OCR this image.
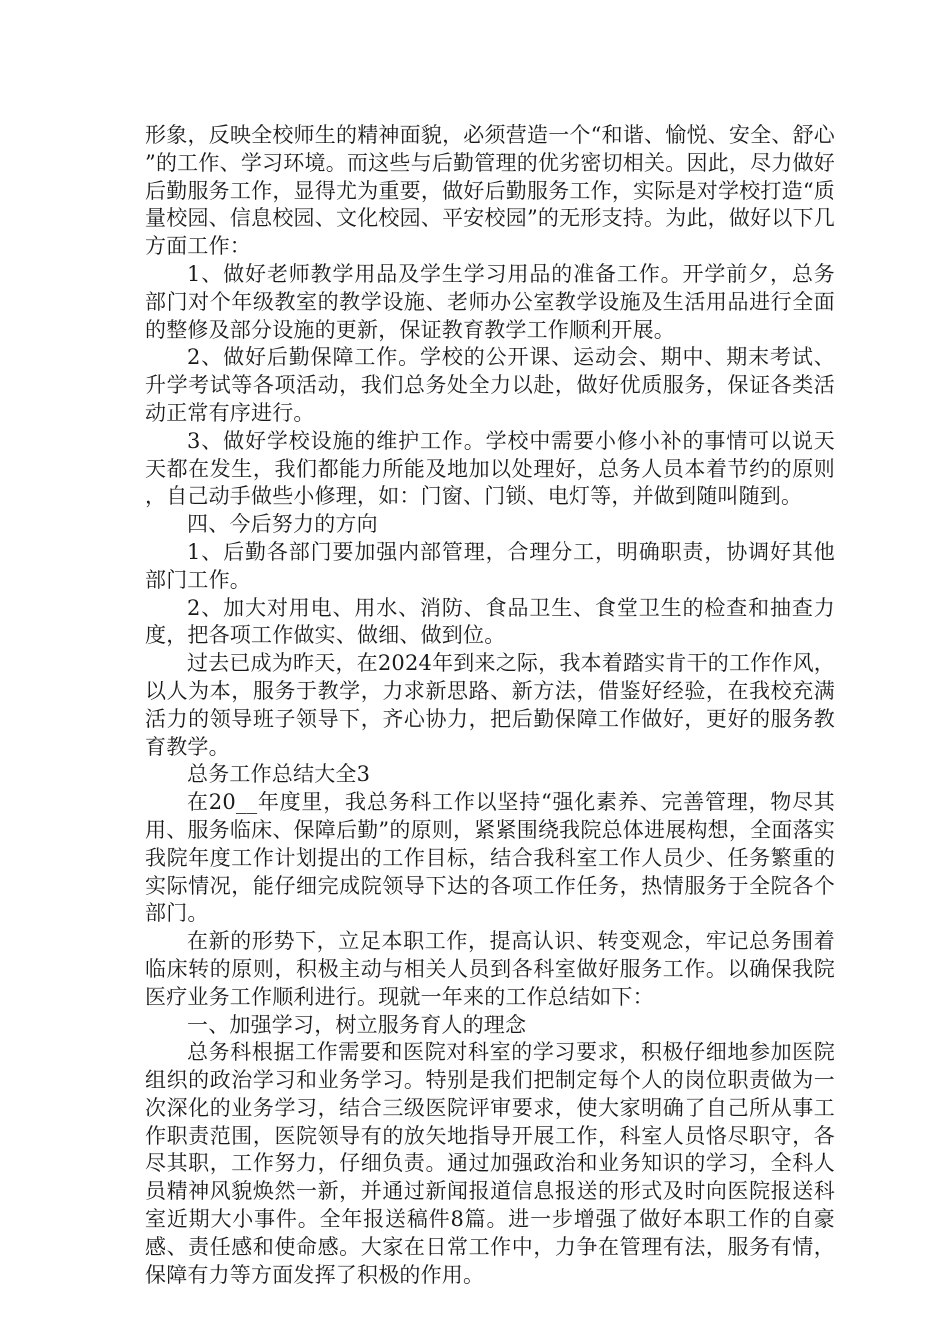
形象，反映全校师生的精神面貌，必须营造一个“和谐、愉悦、安全、舒心”的工作、学习环境。而这些与后勤管理的优劣密切相关。因此，尽力做好后勤服务工作，显得尤为重要，做好后勤服务工作，实际是对学校打造“质量校园、信息校园、文化校园、平安校园”的无形支持。为此，做好以下几方面工作：

1、做好老师教学用品及学生学习用品的准备工作。开学前夕，总务部门对个年级教室的教学设施、老师办公室教学设施及生活用品进行全面的整修及部分设施的更新，保证教育教学工作顺利开展。

2、做好后勤保障工作。学校的公开课、运动会、期中、期末考试、升学考试等各项活动，我们总务处全力以赴，做好优质服务，保证各类活动正常有序进行。

3、做好学校设施的维护工作。学校中需要小修小补的事情可以说天天都在发生，我们都能力所能及地加以处理好，总务人员本着节约的原则，自己动手做些小修理，如：门窗、门锁、电灯等，并做到随叫随到。

四、今后努力的方向

1、后勤各部门要加强内部管理，合理分工，明确职责，协调好其他部门工作。

2、加大对用电、用水、消防、食品卫生、食堂卫生的检查和抽查力度，把各项工作做实、做细、做到位。

过去已成为昨天，在2024年到来之际，我本着踏实肯干的工作作风，以人为本，服务于教学，力求新思路、新方法，借鉴好经验，在我校充满活力的领导班子领导下，齐心协力，把后勤保障工作做好，更好的服务教育教学。

总务工作总结大全3

在20__年度里，我总务科工作以坚持“强化素养、完善管理，物尽其用、服务临床、保障后勤”的原则，紧紧围绕我院总体进展构想，全面落实我院年度工作计划提出的工作目标，结合我科室工作人员少、任务繁重的实际情况，能仔细完成院领导下达的各项工作任务，热情服务于全院各个部门。

在新的形势下，立足本职工作，提高认识、转变观念，牢记总务围着临床转的原则，积极主动与相关人员到各科室做好服务工作。以确保我院医疗业务工作顺利进行。现就一年来的工作总结如下：

一、加强学习，树立服务育人的理念

总务科根据工作需要和医院对科室的学习要求，积极仔细地参加医院组织的政治学习和业务学习。特别是我们把制定每个人的岗位职责做为一次深化的业务学习，结合三级医院评审要求，使大家明确了自己所从事工作职责范围，医院领导有的放矢地指导开展工作，科室人员恪尽职守，各尽其职，工作努力，仔细负责。通过加强政治和业务知识的学习，全科人员精神风貌焕然一新，并通过新闻报道信息报送的形式及时向医院报送科室近期大小事件。全年报送稿件8篇。进一步增强了做好本职工作的自豪感、责任感和使命感。大家在日常工作中，力争在管理有法，服务有情，保障有力等方面发挥了积极的作用。
